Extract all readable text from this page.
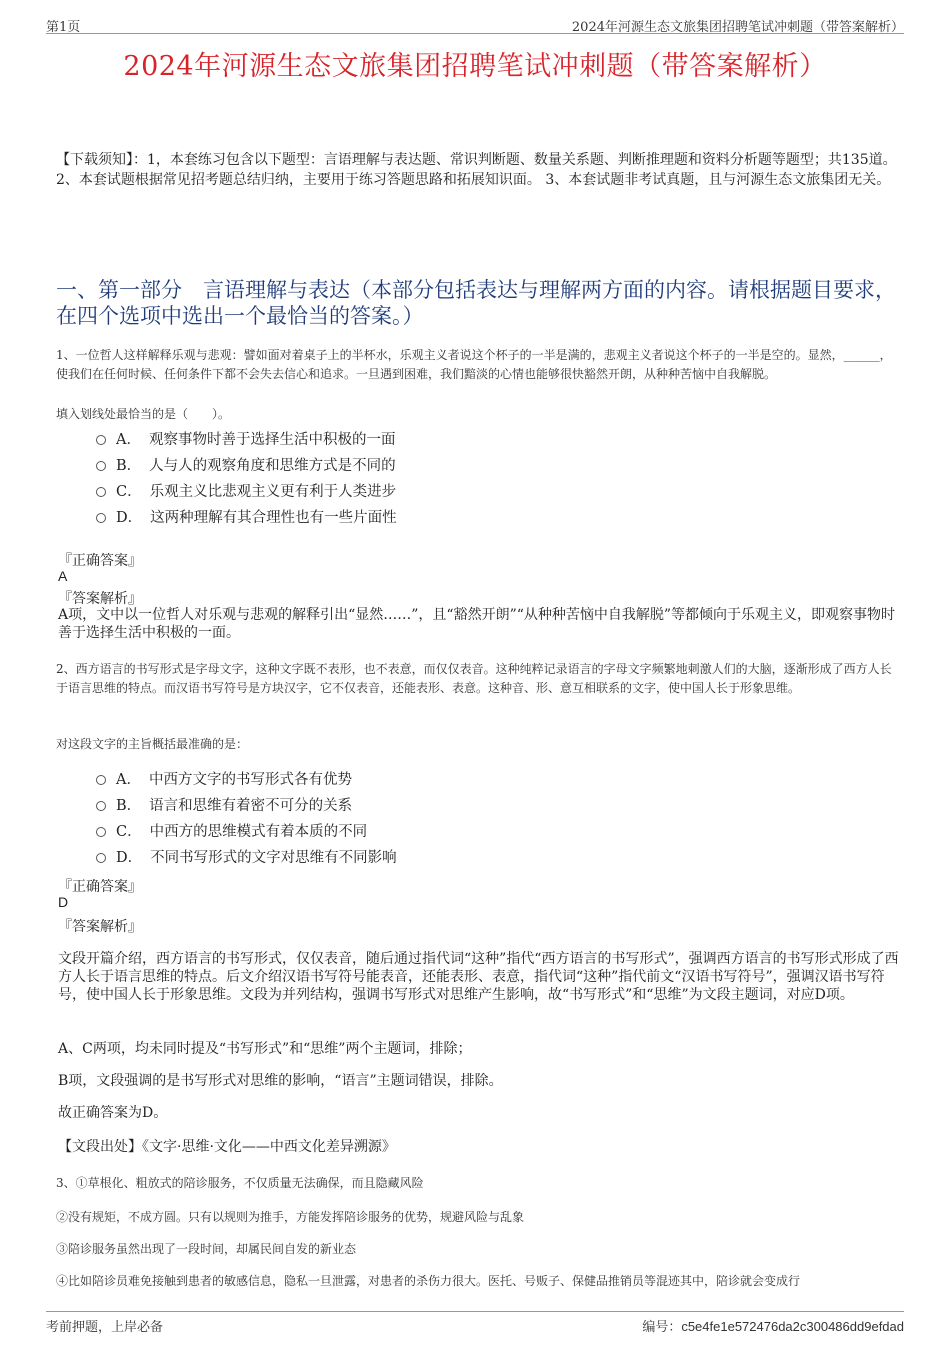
第1页	2024年河源生态文旅集团招聘笔试冲刺题（带答案解析）
2024年河源生态文旅集团招聘笔试冲刺题（带答案解析）

【下载须知】：1，本套练习包含以下题型：言语理解与表达题、常识判断题、数量关系题、判断推理题和资料分析题等题型；共135道。 2、本套试题根据常见招考题总结归纳，主要用于练习答题思路和拓展知识面。 3、本套试题非考试真题，且与河源生态文旅集团无关。

一、第一部分　言语理解与表达（本部分包括表达与理解两方面的内容。请根据题目要求，在四个选项中选出一个最恰当的答案。）

1、一位哲人这样解释乐观与悲观：譬如面对着桌子上的半杯水，乐观主义者说这个杯子的一半是满的，悲观主义者说这个杯子的一半是空的。显然，______，使我们在任何时候、任何条件下都不会失去信心和追求。一旦遇到困难，我们黯淡的心情也能够很快豁然开朗，从种种苦恼中自我解脱。

填入划线处最恰当的是（　　）。

A． 观察事物时善于选择生活中积极的一面
B． 人与人的观察角度和思维方式是不同的
C． 乐观主义比悲观主义更有利于人类进步
D． 这两种理解有其合理性也有一些片面性
『正确答案』
A
『答案解析』

A项，文中以一位哲人对乐观与悲观的解释引出“显然……”，且“豁然开朗”“从种种苦恼中自我解脱”等都倾向于乐观主义，即观察事物时善于选择生活中积极的一面。

2、西方语言的书写形式是字母文字，这种文字既不表形，也不表意，而仅仅表音。这种纯粹记录语言的字母文字频繁地刺激人们的大脑，逐渐形成了西方人长于语言思维的特点。而汉语书写符号是方块汉字，它不仅表音，还能表形、表意。这种音、形、意互相联系的文字，使中国人长于形象思维。

对这段文字的主旨概括最准确的是：

A． 中西方文字的书写形式各有优势
B． 语言和思维有着密不可分的关系
C． 中西方的思维模式有着本质的不同
D． 不同书写形式的文字对思维有不同影响
『正确答案』
D
『答案解析』

文段开篇介绍，西方语言的书写形式，仅仅表音，随后通过指代词“这种”指代“西方语言的书写形式”，强调西方语言的书写形式形成了西方人长于语言思维的特点。后文介绍汉语书写符号能表音，还能表形、表意，指代词“这种”指代前文“汉语书写符号”，强调汉语书写符号，使中国人长于形象思维。文段为并列结构，强调书写形式对思维产生影响，故“书写形式”和“思维”为文段主题词，对应D项。

A、C两项，均未同时提及“书写形式”和“思维”两个主题词，排除；

B项，文段强调的是书写形式对思维的影响，“语言”主题词错误，排除。

故正确答案为D。

【文段出处】《文字·思维·文化——中西文化差异溯源》

3、①草根化、粗放式的陪诊服务，不仅质量无法确保，而且隐藏风险

②没有规矩，不成方圆。只有以规则为推手，方能发挥陪诊服务的优势，规避风险与乱象

③陪诊服务虽然出现了一段时间，却属民间自发的新业态

④比如陪诊员难免接触到患者的敏感信息，隐私一旦泄露，对患者的杀伤力很大。医托、号贩子、保健品推销员等混迹其中，陪诊就会变成行

考前押题，上岸必备	编号：c5e4fe1e572476da2c300486dd9efdad
